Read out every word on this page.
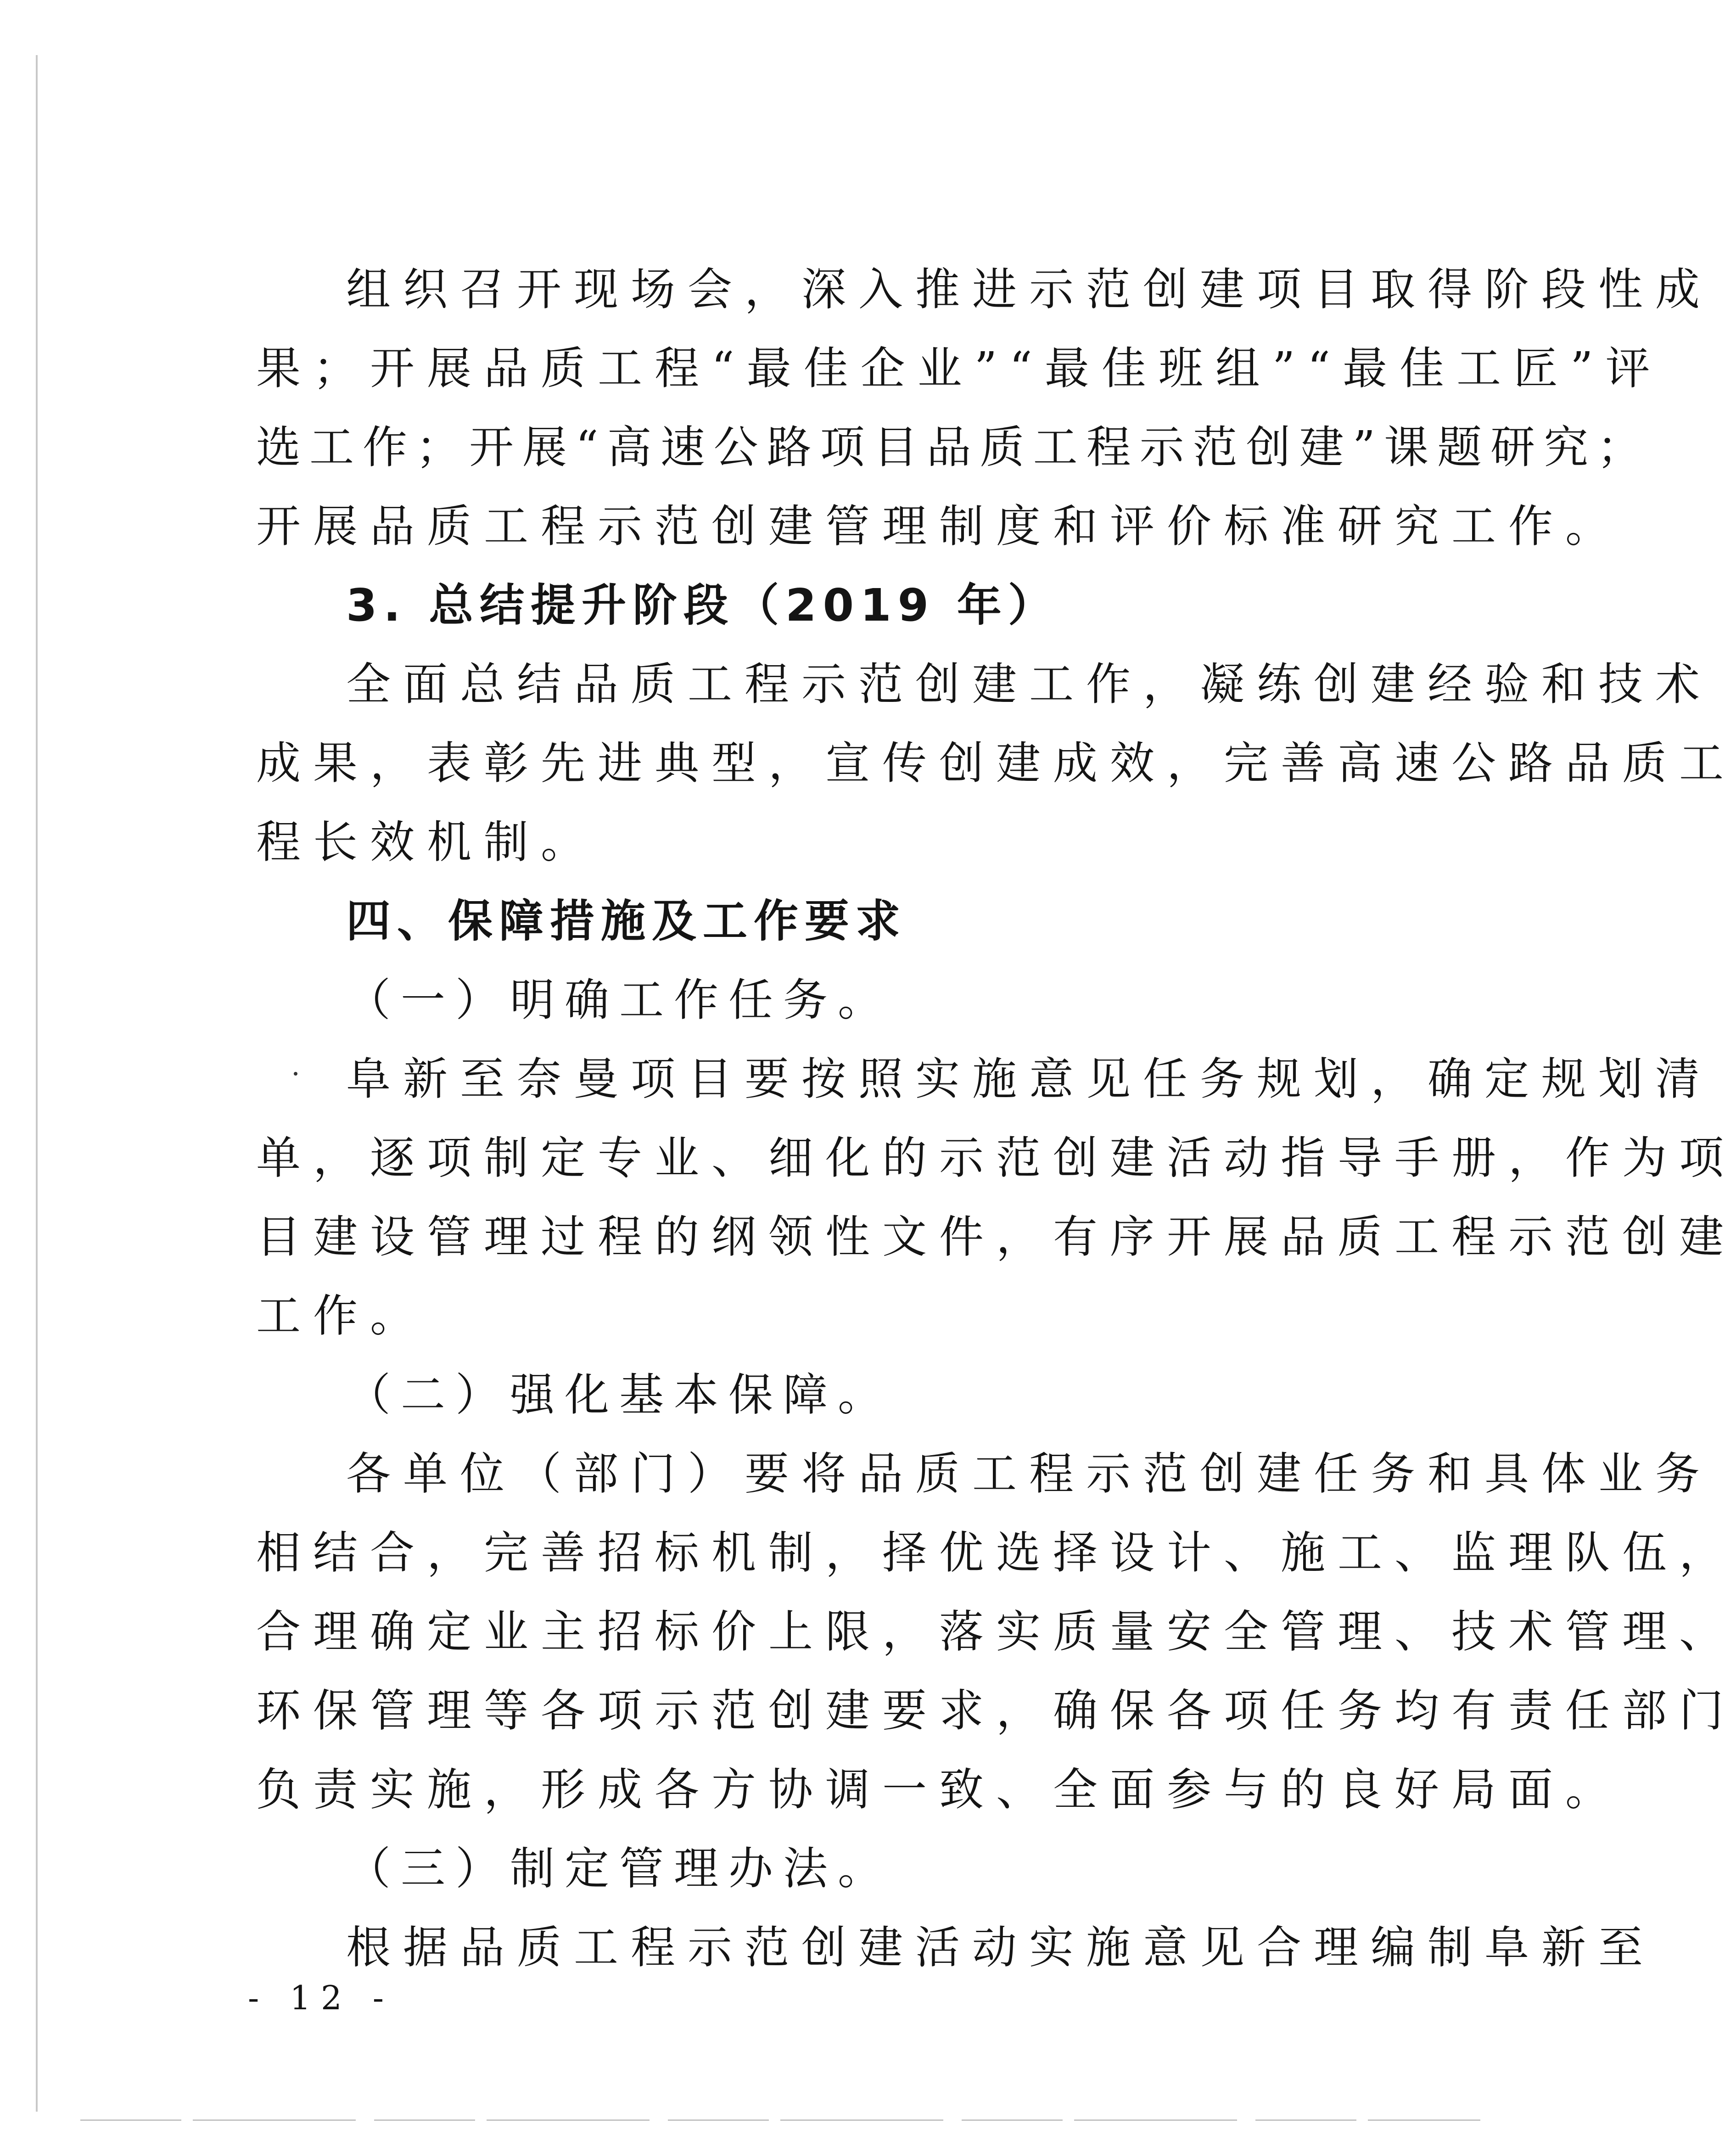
组织召开现场会，深入推进示范创建项目取得阶段性成
果；开展品质工程“最佳企业”“最佳班组”“最佳工匠”评
选工作；开展“高速公路项目品质工程示范创建”课题研究；
开展品质工程示范创建管理制度和评价标准研究工作。
3. 总结提升阶段（2019 年）
全面总结品质工程示范创建工作，凝练创建经验和技术
成果，表彰先进典型，宣传创建成效，完善高速公路品质工
程长效机制。
四、保障措施及工作要求
（一）明确工作任务。
阜新至奈曼项目要按照实施意见任务规划，确定规划清
单，逐项制定专业、细化的示范创建活动指导手册，作为项
目建设管理过程的纲领性文件，有序开展品质工程示范创建
工作。
（二）强化基本保障。
各单位（部门）要将品质工程示范创建任务和具体业务
相结合，完善招标机制，择优选择设计、施工、监理队伍，
合理确定业主招标价上限，落实质量安全管理、技术管理、
环保管理等各项示范创建要求，确保各项任务均有责任部门
负责实施，形成各方协调一致、全面参与的良好局面。
（三）制定管理办法。
根据品质工程示范创建活动实施意见合理编制阜新至
- 12 -
